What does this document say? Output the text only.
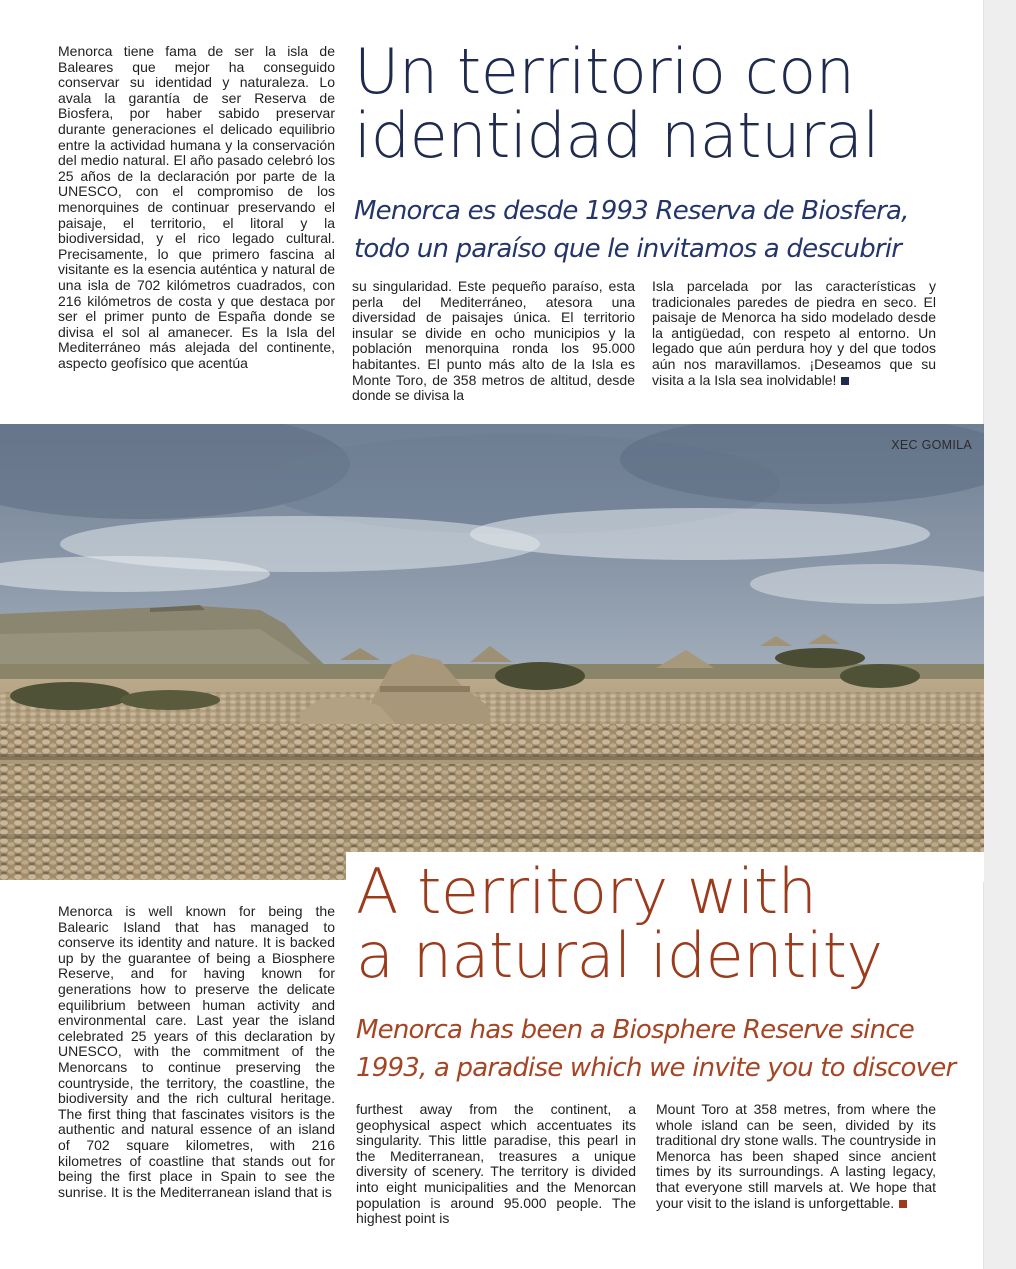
Menorca tiene fama de ser la isla de Baleares que mejor ha conseguido conservar su identidad y naturaleza. Lo avala la garantía de ser Reserva de Biosfera, por haber sabido preservar durante generaciones el delicado equilibrio entre la actividad humana y la conservación del medio natural. El año pasado celebró los 25 años de la declaración por parte de la UNESCO, con el compromiso de los menorquines de continuar preservando el paisaje, el territorio, el litoral y la biodiversidad, y el rico legado cultural. Precisamente, lo que primero fascina al visitante es la esencia auténtica y natural de una isla de 702 kilómetros cuadrados, con 216 kilómetros de costa y que destaca por ser el primer punto de España donde se divisa el sol al amanecer. Es la Isla del Mediterráneo más alejada del continente, aspecto geofísico que acentúa
Un territorio con
identidad natural
Menorca es desde 1993 Reserva de Biosfera,
todo un paraíso que le invitamos a descubrir
su singularidad. Este pequeño paraíso, esta perla del Mediterráneo, atesora una diversidad de paisajes única. El territorio insular se divide en ocho municipios y la población menorquina ronda los 95.000 habitantes. El punto más alto de la Isla es Monte Toro, de 358 metros de altitud, desde donde se divisa la
Isla parcelada por las características y tradicionales paredes de piedra en seco. El paisaje de Menorca ha sido modelado desde la antigüedad, con respeto al entorno. Un legado que aún perdura hoy y del que todos aún nos maravillamos. ¡Deseamos que su visita a la Isla sea inolvidable!
XEC GOMILA
Menorca is well known for being the Balearic Island that has managed to conserve its identity and nature. It is backed up by the guarantee of being a Biosphere Reserve, and for having known for generations how to preserve the delicate equilibrium between human activity and environmental care. Last year the island celebrated 25 years of this declaration by UNESCO, with the commitment of the Menorcans to continue preserving the countryside, the territory, the coastline, the biodiversity and the rich cultural heritage. The first thing that fascinates visitors is the authentic and natural essence of an island of 702 square kilometres, with 216 kilometres of coastline that stands out for being the first place in Spain to see the sunrise. It is the Mediterranean island that is
A territory with
a natural identity
Menorca has been a Biosphere Reserve since
1993, a paradise which we invite you to discover
furthest away from the continent, a geophysical aspect which accentuates its singularity. This little paradise, this pearl in the Mediterranean, treasures a unique diversity of scenery. The territory is divided into eight municipalities and the Menorcan population is around 95.000 people. The highest point is
Mount Toro at 358 metres, from where the whole island can be seen, divided by its traditional dry stone walls. The countryside in Menorca has been shaped since ancient times by its surroundings. A lasting legacy, that everyone still marvels at. We hope that your visit to the island is unforgettable.
